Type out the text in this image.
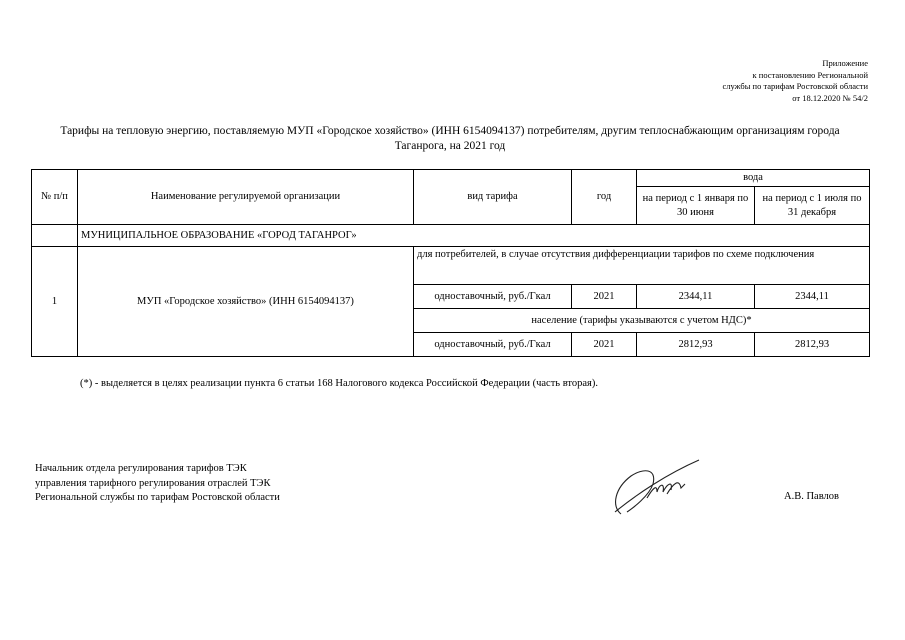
Приложение
к постановлению Региональной
службы по тарифам Ростовской области
от 18.12.2020 № 54/2
Тарифы на тепловую энергию, поставляемую МУП «Городское хозяйство» (ИНН 6154094137) потребителям, другим теплоснабжающим организациям города
Таганрога, на 2021 год
№ п/п	Наименование регулируемой организации	вид тарифа	год	вода	
				на период с 1 января по 30 июня	на период с 1 июля по 31 декабря
	МУНИЦИПАЛЬНОЕ ОБРАЗОВАНИЕ «ГОРОД ТАГАНРОГ»				
1	МУП «Городское хозяйство» (ИНН 6154094137)	для потребителей, в случае отсутствия дифференциации тарифов по схеме подключения			
		одноставочный, руб./Гкал	2021	2344,11	2344,11
		население (тарифы указываются с учетом НДС)*			
		одноставочный, руб./Гкал	2021	2812,93	2812,93
(*) - выделяется в целях реализации пункта 6 статьи 168 Налогового кодекса Российской Федерации (часть вторая).
Начальник отдела регулирования тарифов ТЭК
управления тарифного регулирования отраслей ТЭК
Региональной службы по тарифам Ростовской области	А.В. Павлов
